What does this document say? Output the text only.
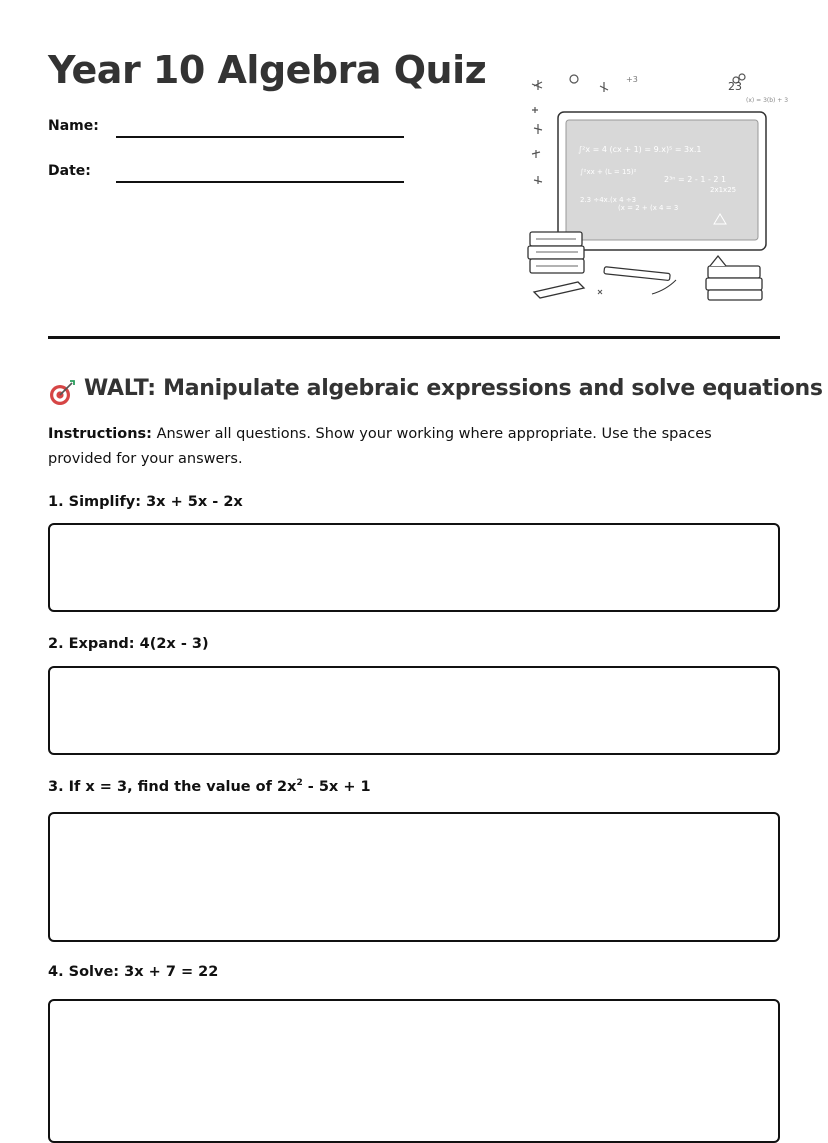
Year 10 Algebra Quiz
Name:
Date:
+3
23
(x) = 3(b) + 3
∫²x = 4 (cx + 1) = 9.x)⁵ = 3x.1
∫²xx + (L = 15)²
2³ⁿ = 2 - 1 - 2 1
2x1x25
2.3 ÷4x.(x 4 ÷3
(x = 2 + (x 4 = 3
WALT: Manipulate algebraic expressions and solve equations

Instructions: Answer all questions. Show your working where appropriate. Use the spaces provided for your answers.

1. Simplify: 3x + 5x - 2x
2. Expand: 4(2x - 3)
3. If x = 3, find the value of $2x^2 - 5x + 1$
4. Solve: 3x + 7 = 22
